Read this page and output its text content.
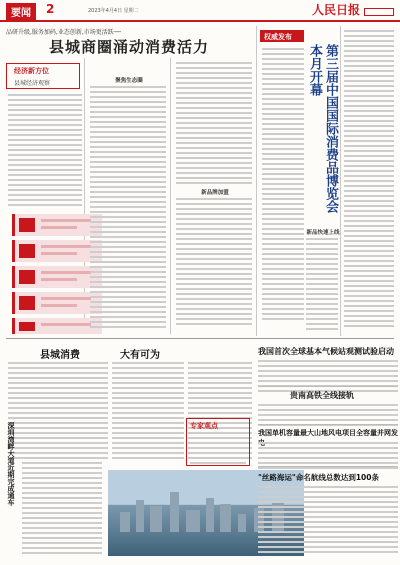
要闻	2	2023年4月4日 星期二	人民日报
品研升级,服务加码,业态创新,市场更活跃──
县城商圈涌动消费活力
经济新方位
县城经济观察	聚焦生态圈
新品牌加盟
权威发布
第三届中国国际消费品博览会本月开幕
新品快速上线
县城消费	大有可为
专家观点
深圳湾畔大道近期完成通车
我国首次全球基本气候站观测试验启动
贵南高铁全线接轨
我国单机容量最大山地风电项目全容量并网发
"丝路海运"命名航线总数达到100条
